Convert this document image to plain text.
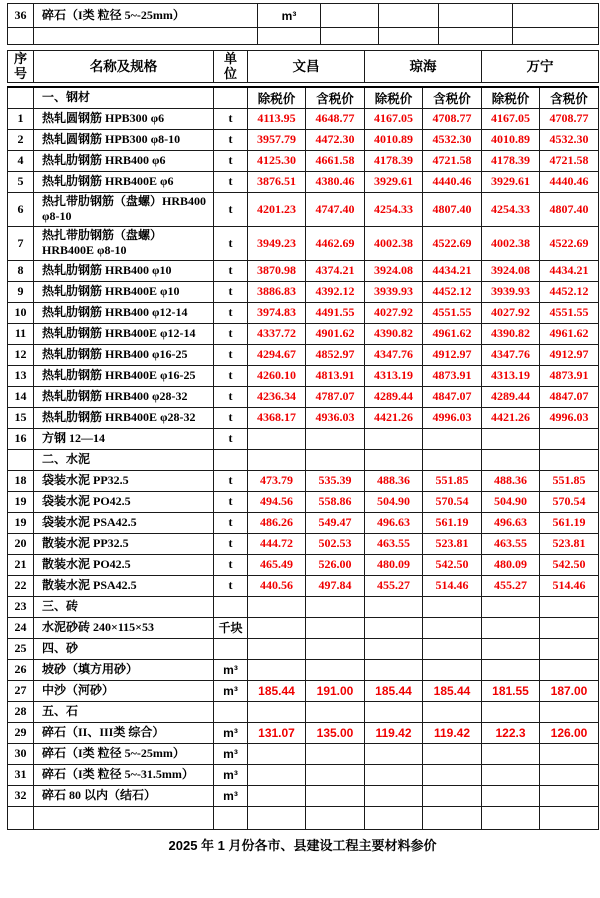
36	碎石（I类 粒径 5~-25mm）	m³				

序号	名称及规格	单位	文昌	琼海	万宁
	一、钢材		除税价	含税价	除税价	含税价	除税价	含税价
1	热轧圆钢筋 HPB300 φ6	t	4113.95	4648.77	4167.05	4708.77	4167.05	4708.77
2	热轧圆钢筋 HPB300 φ8-10	t	3957.79	4472.30	4010.89	4532.30	4010.89	4532.30
4	热轧肋钢筋 HRB400 φ6	t	4125.30	4661.58	4178.39	4721.58	4178.39	4721.58
5	热轧肋钢筋 HRB400E φ6	t	3876.51	4380.46	3929.61	4440.46	3929.61	4440.46
6	热扎带肋钢筋（盘螺）HRB400 φ8-10	t	4201.23	4747.40	4254.33	4807.40	4254.33	4807.40
7	热扎带肋钢筋（盘螺）HRB400E φ8-10	t	3949.23	4462.69	4002.38	4522.69	4002.38	4522.69
8	热轧肋钢筋 HRB400 φ10	t	3870.98	4374.21	3924.08	4434.21	3924.08	4434.21
9	热轧肋钢筋 HRB400E φ10	t	3886.83	4392.12	3939.93	4452.12	3939.93	4452.12
10	热轧肋钢筋 HRB400 φ12-14	t	3974.83	4491.55	4027.92	4551.55	4027.92	4551.55
11	热轧肋钢筋 HRB400E φ12-14	t	4337.72	4901.62	4390.82	4961.62	4390.82	4961.62
12	热轧肋钢筋 HRB400 φ16-25	t	4294.67	4852.97	4347.76	4912.97	4347.76	4912.97
13	热轧肋钢筋 HRB400E φ16-25	t	4260.10	4813.91	4313.19	4873.91	4313.19	4873.91
14	热轧肋钢筋 HRB400 φ28-32	t	4236.34	4787.07	4289.44	4847.07	4289.44	4847.07
15	热轧肋钢筋 HRB400E φ28-32	t	4368.17	4936.03	4421.26	4996.03	4421.26	4996.03
16	方钢 12—14	t						
	二、水泥							
18	袋装水泥 PP32.5	t	473.79	535.39	488.36	551.85	488.36	551.85
19	袋装水泥 PO42.5	t	494.56	558.86	504.90	570.54	504.90	570.54
19	袋装水泥 PSA42.5	t	486.26	549.47	496.63	561.19	496.63	561.19
20	散装水泥 PP32.5	t	444.72	502.53	463.55	523.81	463.55	523.81
21	散装水泥 PO42.5	t	465.49	526.00	480.09	542.50	480.09	542.50
22	散装水泥 PSA42.5	t	440.56	497.84	455.27	514.46	455.27	514.46
23	三、砖							
24	水泥砂砖 240×115×53	千块						
25	四、砂							
26	坡砂（填方用砂）	m³						
27	中沙（河砂）	m³	185.44	191.00	185.44	185.44	181.55	187.00
28	五、石							
29	碎石（II、III类 综合）	m³	131.07	135.00	119.42	119.42	122.3	126.00
30	碎石（I类 粒径 5~-25mm）	m³						
31	碎石（I类 粒径 5~-31.5mm）	m³						
32	碎石 80 以内（结石）	m³						

2025 年 1 月份各市、县建设工程主要材料参价
